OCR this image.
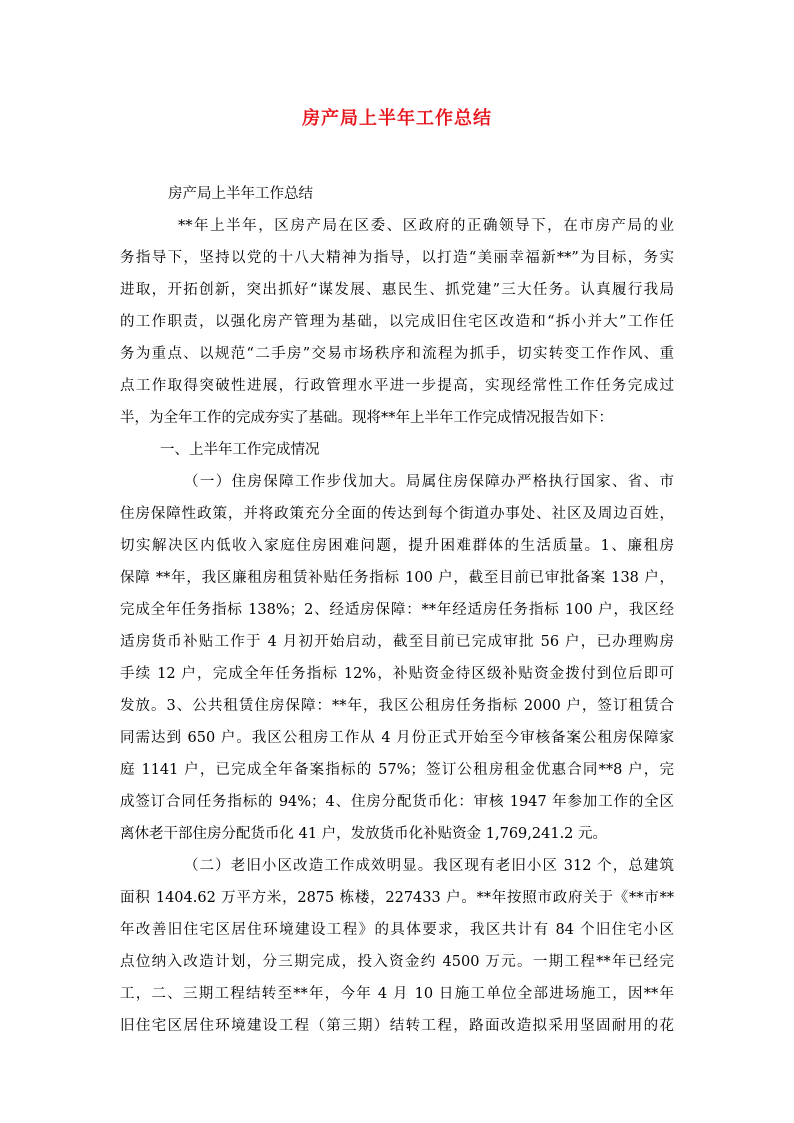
房产局上半年工作总结
房产局上半年工作总结
**年上半年，区房产局在区委、区政府的正确领导下，在市房产局的业
务指导下，坚持以党的十八大精神为指导，以打造“美丽幸福新**”为目标，务实
进取，开拓创新，突出抓好“谋发展、惠民生、抓党建”三大任务。认真履行我局
的工作职责，以强化房产管理为基础，以完成旧住宅区改造和“拆小并大”工作任
务为重点、以规范“二手房”交易市场秩序和流程为抓手，切实转变工作作风、重
点工作取得突破性进展，行政管理水平进一步提高，实现经常性工作任务完成过
半，为全年工作的完成夯实了基础。现将**年上半年工作完成情况报告如下：
一、上半年工作完成情况
（一）住房保障工作步伐加大。局属住房保障办严格执行国家、省、市
住房保障性政策，并将政策充分全面的传达到每个街道办事处、社区及周边百姓，
切实解决区内低收入家庭住房困难问题，提升困难群体的生活质量。1、廉租房
保障 **年，我区廉租房租赁补贴任务指标 100 户，截至目前已审批备案 138 户，
完成全年任务指标 138%；2、经适房保障：**年经适房任务指标 100 户，我区经
适房货币补贴工作于 4 月初开始启动，截至目前已完成审批 56 户，已办理购房
手续 12 户，完成全年任务指标 12%，补贴资金待区级补贴资金拨付到位后即可
发放。3、公共租赁住房保障：**年，我区公租房任务指标 2000 户，签订租赁合
同需达到 650 户。我区公租房工作从 4 月份正式开始至今审核备案公租房保障家
庭 1141 户，已完成全年备案指标的 57%；签订公租房租金优惠合同**8 户，完
成签订合同任务指标的 94%；4、住房分配货币化：审核 1947 年参加工作的全区
离休老干部住房分配货币化 41 户，发放货币化补贴资金 1,769,241.2 元。
（二）老旧小区改造工作成效明显。我区现有老旧小区 312 个，总建筑
面积 1404.62 万平方米，2875 栋楼，227433 户。**年按照市政府关于《**市**
年改善旧住宅区居住环境建设工程》的具体要求，我区共计有 84 个旧住宅小区
点位纳入改造计划，分三期完成，投入资金约 4500 万元。一期工程**年已经完
工，二、三期工程结转至**年，今年 4 月 10 日施工单位全部进场施工，因**年
旧住宅区居住环境建设工程（第三期）结转工程，路面改造拟采用坚固耐用的花
